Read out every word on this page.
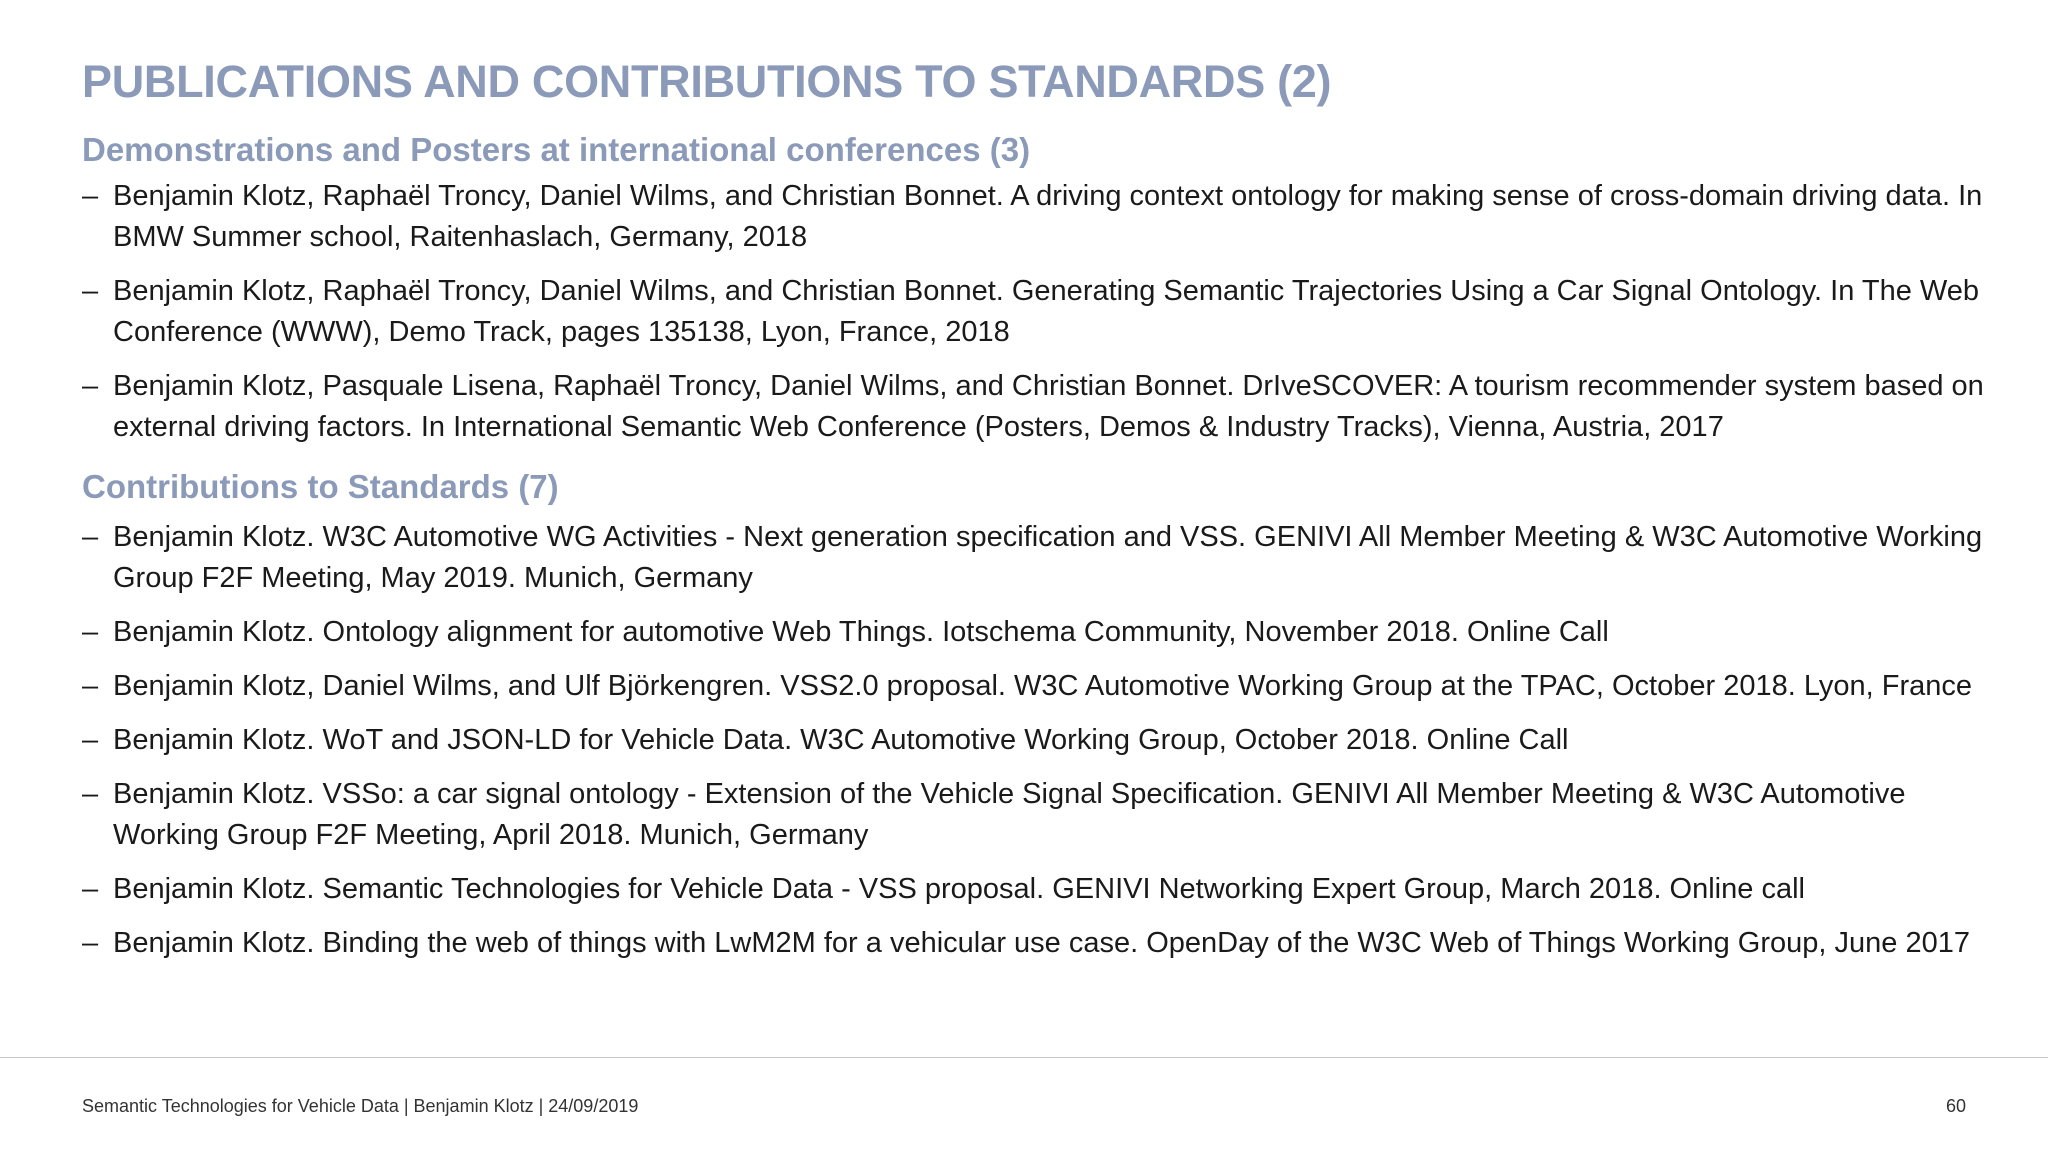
PUBLICATIONS AND CONTRIBUTIONS TO STANDARDS (2)
Demonstrations and Posters at international conferences (3)
– Benjamin Klotz, Raphaël Troncy, Daniel Wilms, and Christian Bonnet. A driving context ontology for making sense of cross-domain driving data. In BMW Summer school, Raitenhaslach, Germany, 2018
– Benjamin Klotz, Raphaël Troncy, Daniel Wilms, and Christian Bonnet. Generating Semantic Trajectories Using a Car Signal Ontology. In The Web Conference (WWW), Demo Track, pages 135138, Lyon, France, 2018
– Benjamin Klotz, Pasquale Lisena, Raphaël Troncy, Daniel Wilms, and Christian Bonnet. DrIveSCOVER: A tourism recommender system based on external driving factors. In International Semantic Web Conference (Posters, Demos & Industry Tracks), Vienna, Austria, 2017
Contributions to Standards (7)
– Benjamin Klotz. W3C Automotive WG Activities - Next generation specification and VSS. GENIVI All Member Meeting & W3C Automotive Working Group F2F Meeting, May 2019. Munich, Germany
– Benjamin Klotz. Ontology alignment for automotive Web Things. Iotschema Community, November 2018. Online Call
– Benjamin Klotz, Daniel Wilms, and Ulf Björkengren. VSS2.0 proposal. W3C Automotive Working Group at the TPAC, October 2018. Lyon, France
– Benjamin Klotz. WoT and JSON-LD for Vehicle Data. W3C Automotive Working Group, October 2018. Online Call
– Benjamin Klotz. VSSo: a car signal ontology - Extension of the Vehicle Signal Specification. GENIVI All Member Meeting & W3C Automotive Working Group F2F Meeting, April 2018. Munich, Germany
– Benjamin Klotz. Semantic Technologies for Vehicle Data - VSS proposal. GENIVI Networking Expert Group, March 2018. Online call
– Benjamin Klotz. Binding the web of things with LwM2M for a vehicular use case. OpenDay of the W3C Web of Things Working Group, June 2017
Semantic Technologies for Vehicle Data | Benjamin Klotz | 24/09/2019	60
